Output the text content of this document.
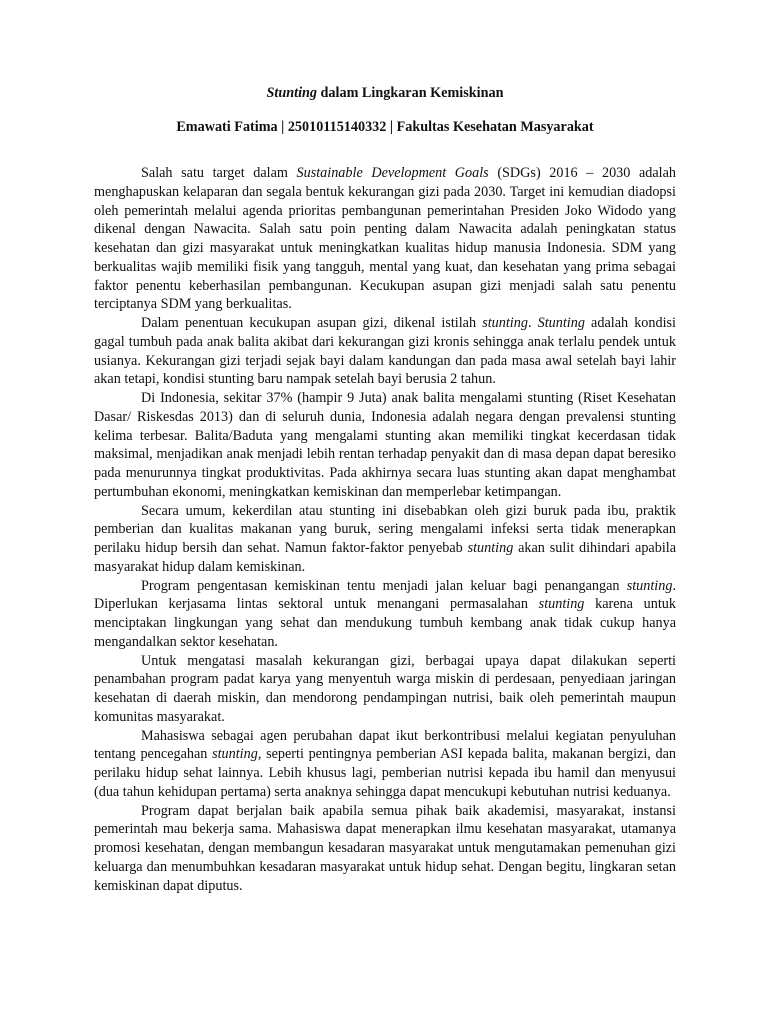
Stunting dalam Lingkaran Kemiskinan

Emawati Fatima | 25010115140332 | Fakultas Kesehatan Masyarakat

Salah satu target dalam Sustainable Development Goals (SDGs) 2016 – 2030 adalah menghapuskan kelaparan dan segala bentuk kekurangan gizi pada 2030. Target ini kemudian diadopsi oleh pemerintah melalui agenda prioritas pembangunan pemerintahan Presiden Joko Widodo yang dikenal dengan Nawacita. Salah satu poin penting dalam Nawacita adalah peningkatan status kesehatan dan gizi masyarakat untuk meningkatkan kualitas hidup manusia Indonesia. SDM yang berkualitas wajib memiliki fisik yang tangguh, mental yang kuat, dan kesehatan yang prima sebagai faktor penentu keberhasilan pembangunan. Kecukupan asupan gizi menjadi salah satu penentu terciptanya SDM yang berkualitas.

Dalam penentuan kecukupan asupan gizi, dikenal istilah stunting. Stunting adalah kondisi gagal tumbuh pada anak balita akibat dari kekurangan gizi kronis sehingga anak terlalu pendek untuk usianya. Kekurangan gizi terjadi sejak bayi dalam kandungan dan pada masa awal setelah bayi lahir akan tetapi, kondisi stunting baru nampak setelah bayi berusia 2 tahun.

Di Indonesia, sekitar 37% (hampir 9 Juta) anak balita mengalami stunting (Riset Kesehatan Dasar/ Riskesdas 2013) dan di seluruh dunia, Indonesia adalah negara dengan prevalensi stunting kelima terbesar. Balita/Baduta yang mengalami stunting akan memiliki tingkat kecerdasan tidak maksimal, menjadikan anak menjadi lebih rentan terhadap penyakit dan di masa depan dapat beresiko pada menurunnya tingkat produktivitas. Pada akhirnya secara luas stunting akan dapat menghambat pertumbuhan ekonomi, meningkatkan kemiskinan dan memperlebar ketimpangan.

Secara umum, kekerdilan atau stunting ini disebabkan oleh gizi buruk pada ibu, praktik pemberian dan kualitas makanan yang buruk, sering mengalami infeksi serta tidak menerapkan perilaku hidup bersih dan sehat. Namun faktor-faktor penyebab stunting akan sulit dihindari apabila masyarakat hidup dalam kemiskinan.

Program pengentasan kemiskinan tentu menjadi jalan keluar bagi penangangan stunting. Diperlukan kerjasama lintas sektoral untuk menangani permasalahan stunting karena untuk menciptakan lingkungan yang sehat dan mendukung tumbuh kembang anak tidak cukup hanya mengandalkan sektor kesehatan.

Untuk mengatasi masalah kekurangan gizi, berbagai upaya dapat dilakukan seperti penambahan program padat karya yang menyentuh warga miskin di perdesaan, penyediaan jaringan kesehatan di daerah miskin, dan mendorong pendampingan nutrisi, baik oleh pemerintah maupun komunitas masyarakat.

Mahasiswa sebagai agen perubahan dapat ikut berkontribusi melalui kegiatan penyuluhan tentang pencegahan stunting, seperti pentingnya pemberian ASI kepada balita, makanan bergizi, dan perilaku hidup sehat lainnya. Lebih khusus lagi, pemberian nutrisi kepada ibu hamil dan menyusui (dua tahun kehidupan pertama) serta anaknya sehingga dapat mencukupi kebutuhan nutrisi keduanya.

Program dapat berjalan baik apabila semua pihak baik akademisi, masyarakat, instansi pemerintah mau bekerja sama. Mahasiswa dapat menerapkan ilmu kesehatan masyarakat, utamanya promosi kesehatan, dengan membangun kesadaran masyarakat untuk mengutamakan pemenuhan gizi keluarga dan menumbuhkan kesadaran masyarakat untuk hidup sehat. Dengan begitu, lingkaran setan kemiskinan dapat diputus.
